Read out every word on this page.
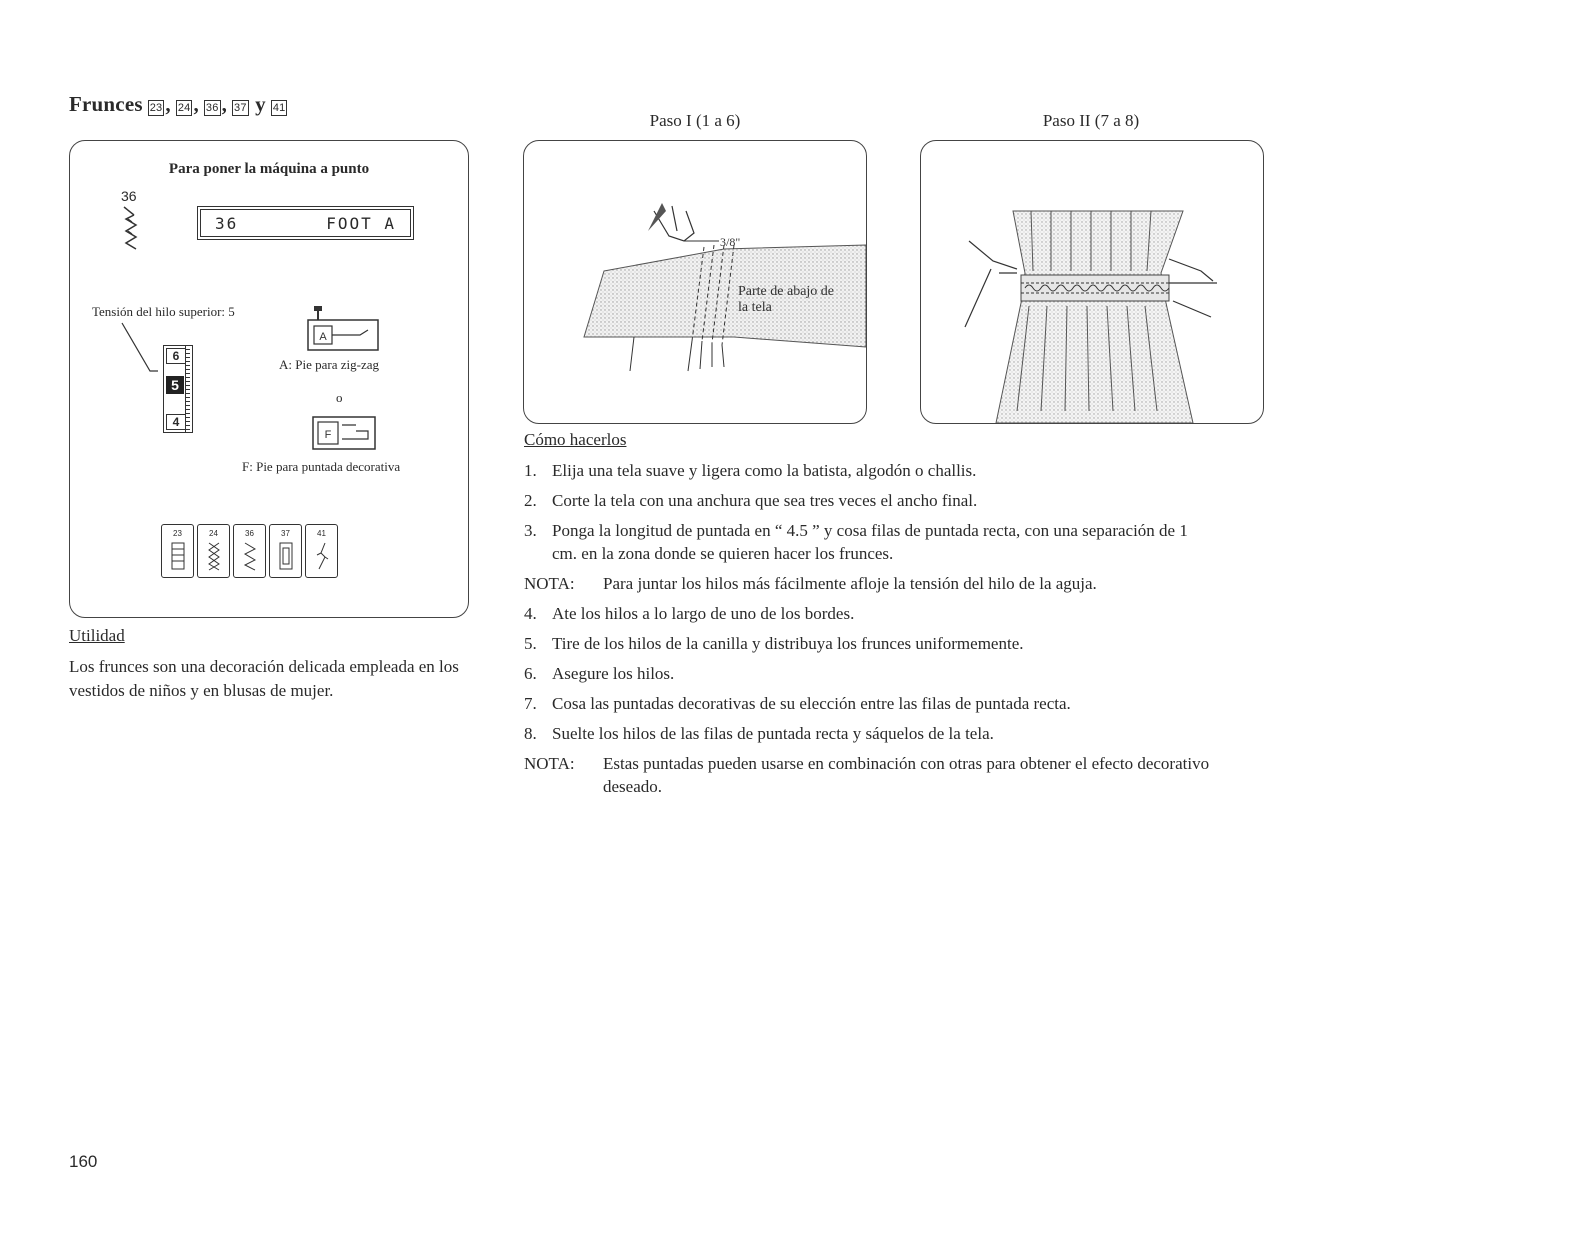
Frunces 23 , 24 , 36 , 37 y 41
Para poner la máquina a punto
36
36	FOOT A
Tensión del hilo superior: 5
6
5
4
A
A: Pie para zig-zag
o
F
F: Pie para puntada decorativa
23	24	36	37	41
Utilidad
Los frunces son una decoración delicada empleada en los vestidos de niños y en blusas de mujer.
Paso I (1 a 6)	Paso II (7 a 8)
3/8"
Parte de abajo de
la tela
Cómo hacerlos
1. Elija una tela suave y ligera como la batista, algodón o challis.
2. Corte la tela con una anchura que sea tres veces el ancho final.
3. Ponga la longitud de puntada en “ 4.5 ” y cosa filas de puntada recta, con una separación de 1 cm. en la zona donde se quieren hacer los frunces.
NOTA:	Para juntar los hilos más fácilmente afloje la tensión del hilo de la aguja.
4. Ate los hilos a lo largo de uno de los bordes.
5. Tire de los hilos de la canilla y distribuya los frunces uniformemente.
6. Asegure los hilos.
7. Cosa las puntadas decorativas de su elección entre las filas de puntada recta.
8. Suelte los hilos de las filas de puntada recta y sáquelos de la tela.
NOTA:	Estas puntadas pueden usarse en combinación con otras para obtener el efecto decorativo deseado.
160
